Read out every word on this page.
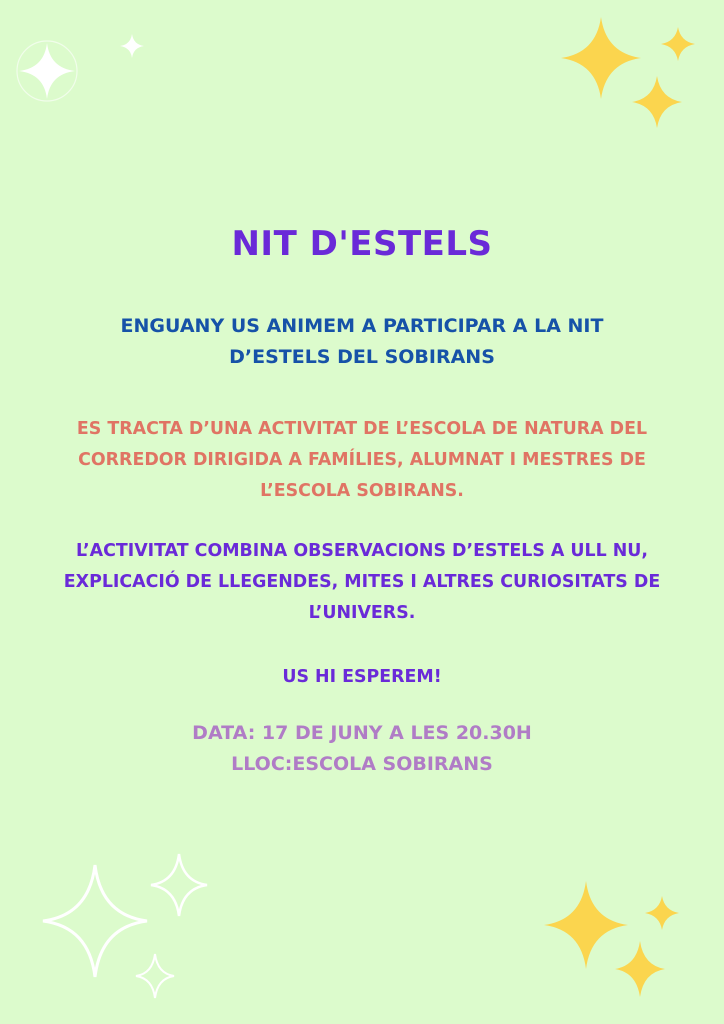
NIT D'ESTELS
ENGUANY US ANIMEM A PARTICIPAR A LA NIT
D’ESTELS DEL SOBIRANS
ES TRACTA D’UNA ACTIVITAT DE L’ESCOLA DE NATURA DEL
CORREDOR DIRIGIDA A FAMÍLIES, ALUMNAT I MESTRES DE
L’ESCOLA SOBIRANS.
L’ACTIVITAT COMBINA OBSERVACIONS D’ESTELS A ULL NU,
EXPLICACIÓ DE LLEGENDES, MITES I ALTRES CURIOSITATS DE
L’UNIVERS.
US HI ESPEREM!
DATA: 17 DE JUNY A LES 20.30H
LLOC:ESCOLA SOBIRANS
